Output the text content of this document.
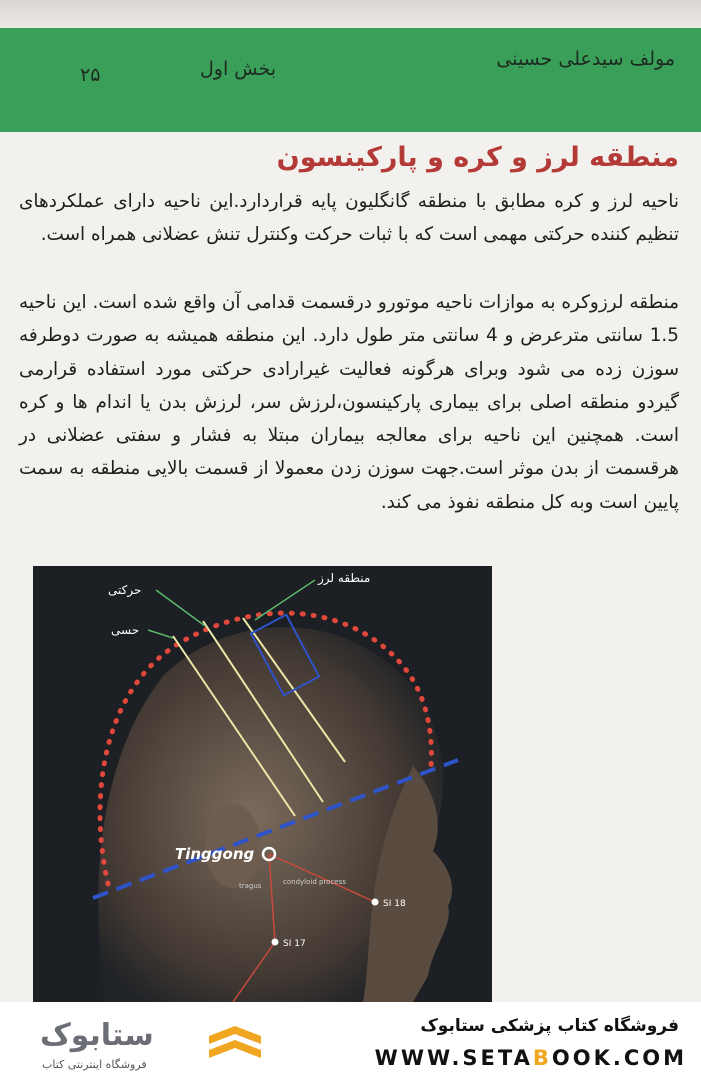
مولف سیدعلی حسینی
بخش اول
۲۵
منطقه لرز و کره و پارکینسون

ناحیه لرز و کره مطابق با منطقه گانگلیون پایه قراردارد.این ناحیه دارای عملکردهای تنظیم کننده حرکتی مهمی است که با ثبات حرکت وکنترل تنش عضلانی همراه است.

منطقه لرزوکره به موازات ناحیه موتورو درقسمت قدامی آن واقع شده است. این ناحیه 1.5 سانتی مترعرض و 4 سانتی متر طول دارد. این منطقه همیشه به صورت دوطرفه سوزن زده می شود وبرای هرگونه فعالیت غیرارادی حرکتی مورد استفاده قرارمی گیردو منطقه اصلی برای بیماری پارکینسون،لرزش سر، لرزش بدن یا اندام ها و کره است. همچنین این ناحیه برای معالجه بیماران مبتلا به فشار و سفتی عضلانی در هرقسمت از بدن موثر است.جهت سوزن زدن معمولا از قسمت بالایی منطقه به سمت پایین است وبه کل منطقه نفوذ می کند.

منطقه لرز
حرکتی
حسی
Tinggong
tragus	condyloid process
SI 18
SI 17
فروشگاه کتاب پزشکی ستابوک
WWW.SETABOOK.COM
ستابوک
فروشگاه اینترنتی کتاب
